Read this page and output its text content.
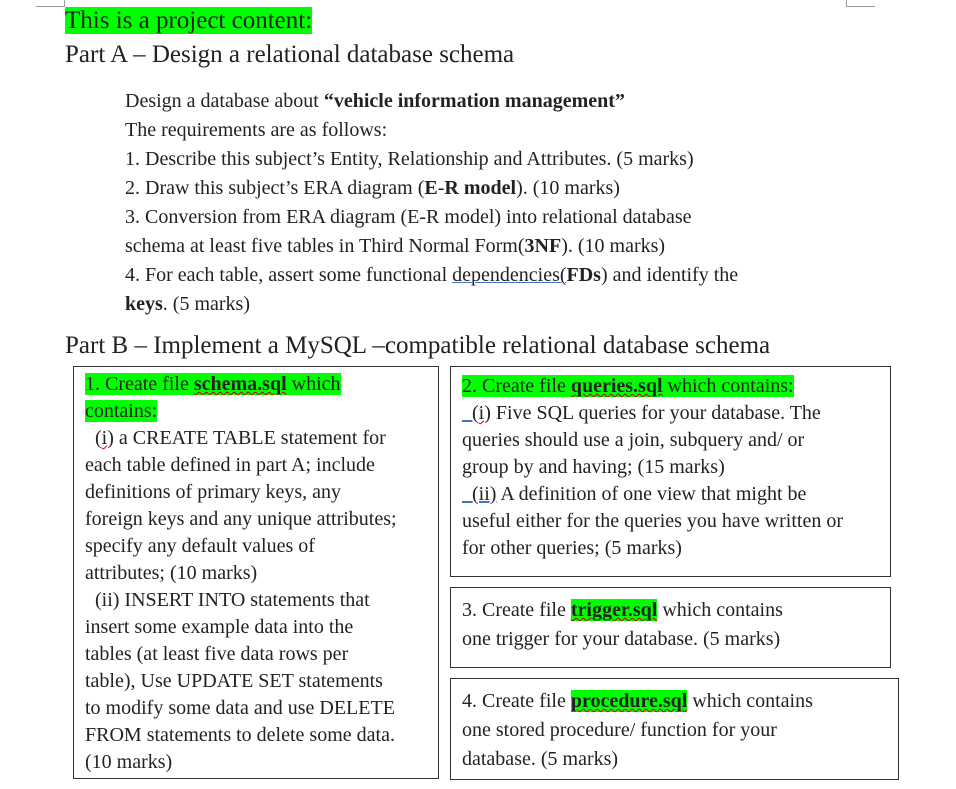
This is a project content:
Part A – Design a relational database schema
Design a database about “vehicle information management”
The requirements are as follows:
1. Describe this subject’s Entity, Relationship and Attributes. (5 marks)
2. Draw this subject’s ERA diagram (E-R model). (10 marks)
3. Conversion from ERA diagram (E-R model) into relational database
schema at least five tables in Third Normal Form(3NF). (10 marks)
4. For each table, assert some functional dependencies(FDs) and identify the
keys. (5 marks)
Part B – Implement a MySQL –compatible relational database schema
1. Create file schema.sql which
contains:
(i) a CREATE TABLE statement for
each table defined in part A; include
definitions of primary keys, any
foreign keys and any unique attributes;
specify any default values of
attributes; (10 marks)
(ii) INSERT INTO statements that
insert some example data into the
tables (at least five data rows per
table), Use UPDATE SET statements
to modify some data and use DELETE
FROM statements to delete some data.
(10 marks)
2. Create file queries.sql which contains:
(i) Five SQL queries for your database. The
queries should use a join, subquery and/ or
group by and having; (15 marks)
(ii) A definition of one view that might be
useful either for the queries you have written or
for other queries; (5 marks)
3. Create file trigger.sql which contains
one trigger for your database. (5 marks)
4. Create file procedure.sql which contains
one stored procedure/ function for your
database. (5 marks)
